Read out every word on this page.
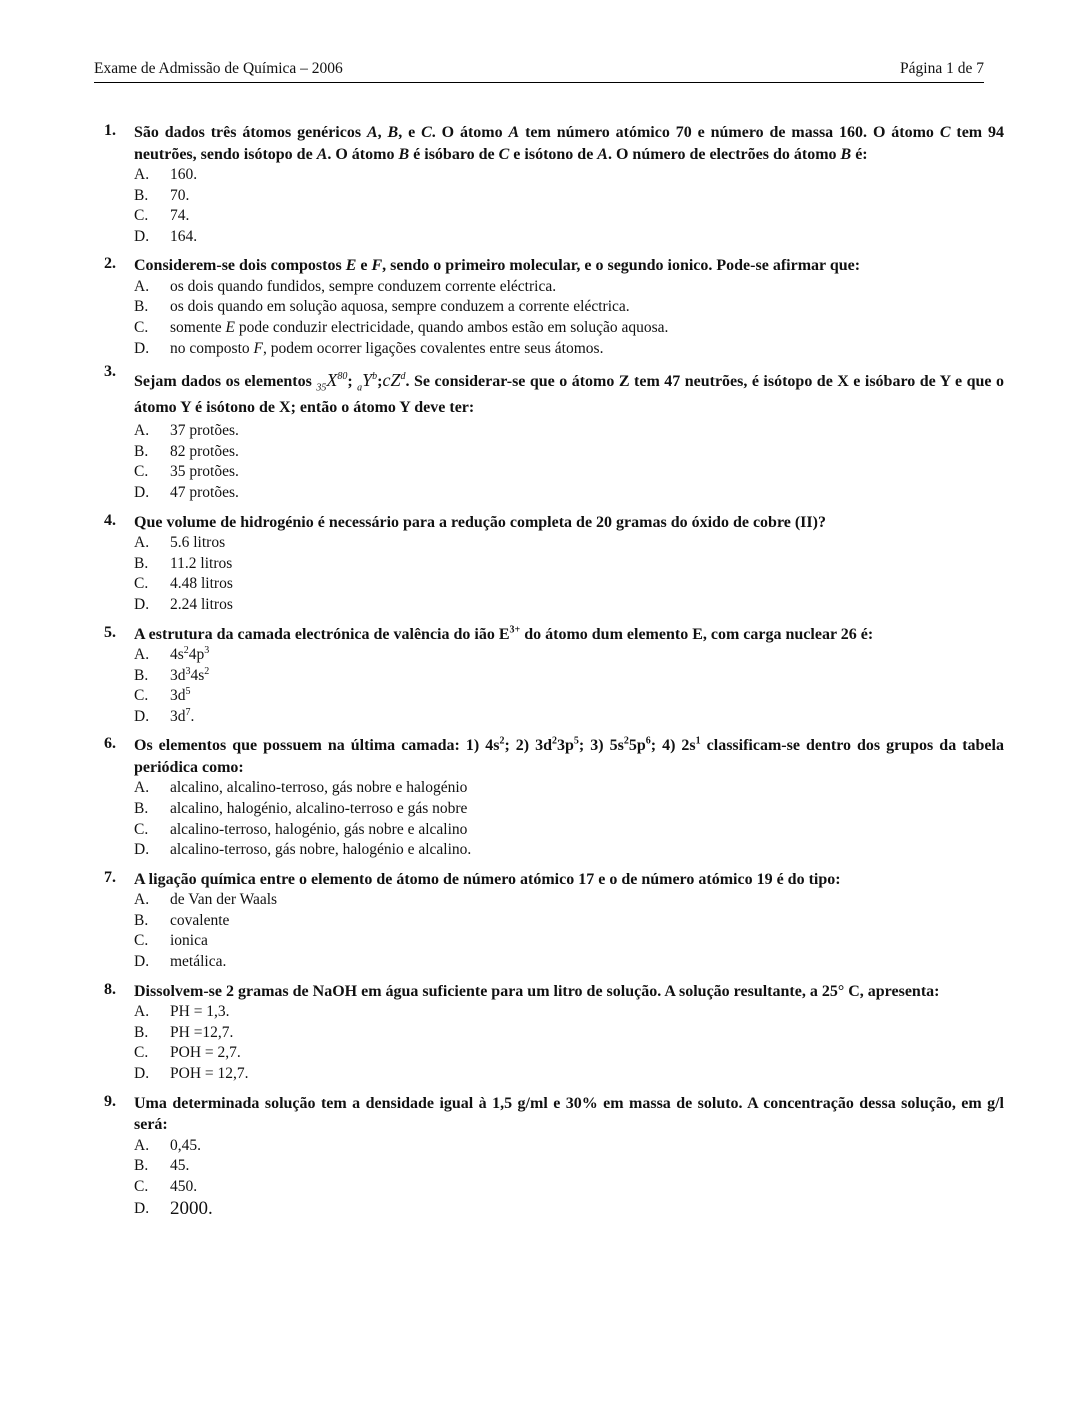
Exame de Admissão de Química – 2006	Página 1 de 7
1.	São dados três átomos genéricos A, B, e C. O átomo A tem número atómico 70 e número de massa 160. O átomo C tem 94 neutrões, sendo isótopo de A. O átomo B é isóbaro de C e isótono de A. O número de electrões do átomo B é:
A.	160.
B.	70.
C.	74.
D.	164.
2.	Considerem-se dois compostos E e F, sendo o primeiro molecular, e o segundo ionico. Pode-se afirmar que:
A.	os dois quando fundidos, sempre conduzem corrente eléctrica.
B.	os dois quando em solução aquosa, sempre conduzem a corrente eléctrica.
C.	somente E pode conduzir electricidade, quando ambos estão em solução aquosa.
D.	no composto F, podem ocorrer ligações covalentes entre seus átomos.
3.
Sejam dados os elementos $_{35}X^{80}$; $_aY^b;cZ^d$. Se considerar-se que o átomo Z tem 47 neutrões, é isótopo de X e isóbaro de Y e que o átomo Y é isótono de X; então o átomo Y deve ter:
A.	37 protões.
B.	82 protões.
C.	35 protões.
D.	47 protões.
4.	Que volume de hidrogénio é necessário para a redução completa de 20 gramas do óxido de cobre (II)?
A.	5.6 litros
B.	11.2 litros
C.	4.48 litros
D.	2.24 litros
5.	A estrutura da camada electrónica de valência do ião $E^{3+}$ do átomo dum elemento E, com carga nuclear 26 é:
A.	$4s^24p^3$
B.	$3d^34s^2$
C.	$3d^5$
D.	$3d^7$.
6.	Os elementos que possuem na última camada: 1) $4s^2$; 2) $3d^23p^5$; 3) $5s^25p^6$; 4) $2s^1$ classificam-se dentro dos grupos da tabela periódica como:
A.	alcalino, alcalino-terroso, gás nobre e halogénio
B.	alcalino, halogénio, alcalino-terroso e gás nobre
C.	alcalino-terroso, halogénio, gás nobre e alcalino
D.	alcalino-terroso, gás nobre, halogénio e alcalino.
7.	A ligação química entre o elemento de átomo de número atómico 17 e o de número atómico 19 é do tipo:
A.	de Van der Waals
B.	covalente
C.	ionica
D.	metálica.
8.	Dissolvem-se 2 gramas de NaOH em água suficiente para um litro de solução. A solução resultante, a 25° C, apresenta:
A.	PH = 1,3.
B.	PH =12,7.
C.	POH = 2,7.
D.	POH = 12,7.
9.	Uma determinada solução tem a densidade igual à 1,5 g/ml e 30% em massa de soluto. A concentração dessa solução, em g/l será:
A.	0,45.
B.	45.
C.	450.
D.	2000.
